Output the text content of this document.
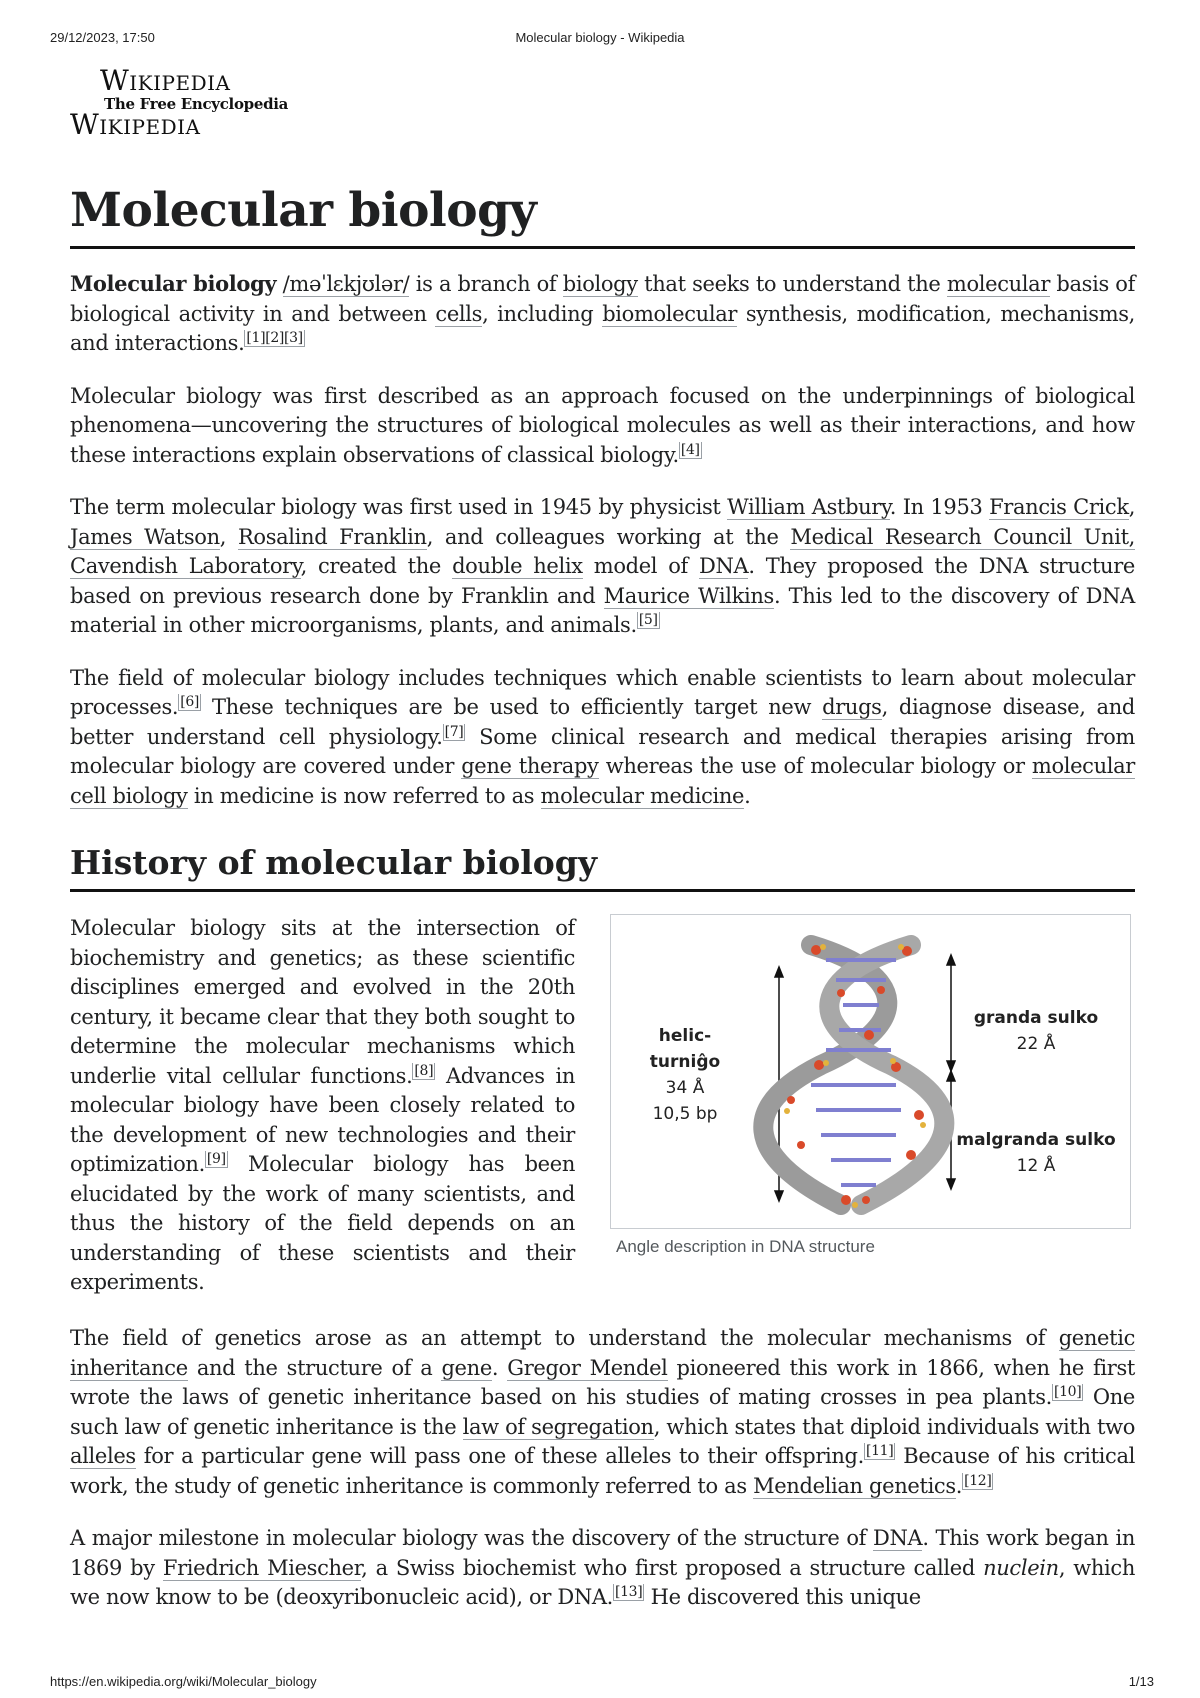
29/12/2023, 17:50	Molecular biology - Wikipedia
Wikipedia
The Free Encyclopedia
Wikipedia
Molecular biology

Molecular biology /məˈlɛkjʊlər/ is a branch of biology that seeks to understand the molecular basis of biological activity in and between cells, including biomolecular synthesis, modification, mechanisms, and interactions. [1][2][3]

Molecular biology was first described as an approach focused on the underpinnings of biological phenomena—uncovering the structures of biological molecules as well as their interactions, and how these interactions explain observations of classical biology. [4]

The term molecular biology was first used in 1945 by physicist William Astbury. In 1953 Francis Crick, James Watson, Rosalind Franklin, and colleagues working at the Medical Research Council Unit, Cavendish Laboratory, created the double helix model of DNA. They proposed the DNA structure based on previous research done by Franklin and Maurice Wilkins. This led to the discovery of DNA material in other microorganisms, plants, and animals. [5]

The field of molecular biology includes techniques which enable scientists to learn about molecular processes. [6] These techniques are be used to efficiently target new drugs, diagnose disease, and better understand cell physiology. [7] Some clinical research and medical therapies arising from molecular biology are covered under gene therapy whereas the use of molecular biology or molecular cell biology in medicine is now referred to as molecular medicine.

History of molecular biology

Molecular biology sits at the intersection of biochemistry and genetics; as these scientific disciplines emerged and evolved in the 20th century, it became clear that they both sought to determine the molecular mechanisms which underlie vital cellular functions. [8] Advances in molecular biology have been closely related to the development of new technologies and their optimization. [9] Molecular biology has been elucidated by the work of many scientists, and thus the history of the field depends on an understanding of these scientists and their experiments.

helic-turniĝo
34 Å
10,5 bp
granda sulko
22 Å
malgranda sulko
12 Å
Angle description in DNA structure

The field of genetics arose as an attempt to understand the molecular mechanisms of genetic inheritance and the structure of a gene. Gregor Mendel pioneered this work in 1866, when he first wrote the laws of genetic inheritance based on his studies of mating crosses in pea plants. [10] One such law of genetic inheritance is the law of segregation, which states that diploid individuals with two alleles for a particular gene will pass one of these alleles to their offspring. [11] Because of his critical work, the study of genetic inheritance is commonly referred to as Mendelian genetics. [12]

A major milestone in molecular biology was the discovery of the structure of DNA. This work began in 1869 by Friedrich Miescher, a Swiss biochemist who first proposed a structure called nuclein, which we now know to be (deoxyribonucleic acid), or DNA. [13] He discovered this unique

https://en.wikipedia.org/wiki/Molecular_biology	1/13
